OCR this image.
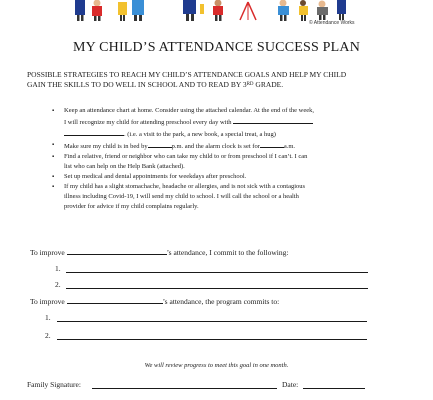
© Attendance Works
MY CHILD’S ATTENDANCE SUCCESS PLAN
POSSIBLE STRATEGIES TO REACH MY CHILD’S ATTENDANCE GOALS AND HELP MY CHILD
GAIN THE SKILLS TO DO WELL IN SCHOOL AND TO READ BY 3RD GRADE.
▪ Keep an attendance chart at home. Consider using the attached calendar. At the end of the week,
I will recognize my child for attending preschool every day with
. (i.e. a visit to the park, a new book, a special treat, a hug)
▪ Make sure my child is in bed by	p.m. and the alarm clock is set for	a.m.
▪ Find a relative, friend or neighbor who can take my child to or from preschool if I can’t. I can
list who can help on the Help Bank (attached).
▪ Set up medical and dental appointments for weekdays after preschool.
▪ If my child has a slight stomachache, headache or allergies, and is not sick with a contagious
illness including Covid-19, I will send my child to school. I will call the school or a health
provider for advice if my child complains regularly.
To improve	’s attendance, I commit to the following:
1.
2.
To improve	’s attendance, the program commits to:
1.
2.
We will review progress to meet this goal in one month.
Family Signature:	Date:
